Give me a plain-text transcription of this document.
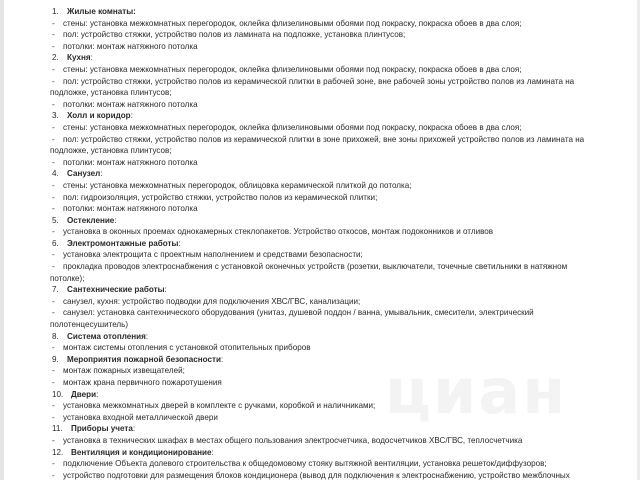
циан
1. Жилые комнаты:
- стены: установка межкомнатных перегородок, оклейка флизелиновыми обоями под покраску, покраска обоев в два слоя;
- пол: устройство стяжки, устройство полов из ламината на подложке, установка плинтусов;
- потолки: монтаж натяжного потолка
2. Кухня:
- стены: установка межкомнатных перегородок, оклейка флизелиновыми обоями под покраску, покраска обоев в два слоя;
- пол: устройство стяжки, устройство полов из керамической плитки в рабочей зоне, вне рабочей зоны устройство полов из ламината на подложке, установка плинтусов;
- потолки: монтаж натяжного потолка
3. Холл и коридор:
- стены: установка межкомнатных перегородок, оклейка флизелиновыми обоями под покраску, покраска обоев в два слоя;
- пол: устройство стяжки, устройство полов из керамической плитки в зоне прихожей, вне зоны прихожей устройство полов из ламината на подложке, установка плинтусов;
- потолки: монтаж натяжного потолка
4. Санузел:
- стены: установка межкомнатных перегородок, облицовка керамической плиткой до потолка;
- пол: гидроизоляция, устройство стяжки, устройство полов из керамической плитки;
- потолки: монтаж натяжного потолка
5. Остекление:
- установка в оконных проемах однокамерных стеклопакетов. Устройство откосов, монтаж подоконников и отливов
6. Электромонтажные работы:
- установка электрощита с проектным наполнением и средствами безопасности;
- прокладка проводов электроснабжения с установкой оконечных устройств (розетки, выключатели, точечные светильники в натяжном потолке);
7. Сантехнические работы:
- санузел, кухня: устройство подводки для подключения ХВС/ГВС, канализации;
- санузел: установка сантехнического оборудования (унитаз, душевой поддон / ванна, умывальник, смесители, электрический полотенцесушитель)
8. Система отопления:
- монтаж системы отопления с установкой отопительных приборов
9. Мероприятия пожарной безопасности:
- монтаж пожарных извещателей;
- монтаж крана первичного пожаротушения
10. Двери:
- установка межкомнатных дверей в комплекте с ручками, коробкой и наличниками;
- установка входной металлической двери
11. Приборы учета:
- установка в технических шкафах в местах общего пользования электросчетчика, водосчетчиков ХВС/ГВС, теплосчетчика
12. Вентиляция и кондиционирование:
- подключение Объекта долевого строительства к общедомовому стояку вытяжной вентиляции, установка решеток/диффузоров;
- устройство подготовки для размещения блоков кондиционера (вывод для подключения к электроснабжению, устройство межблочных
